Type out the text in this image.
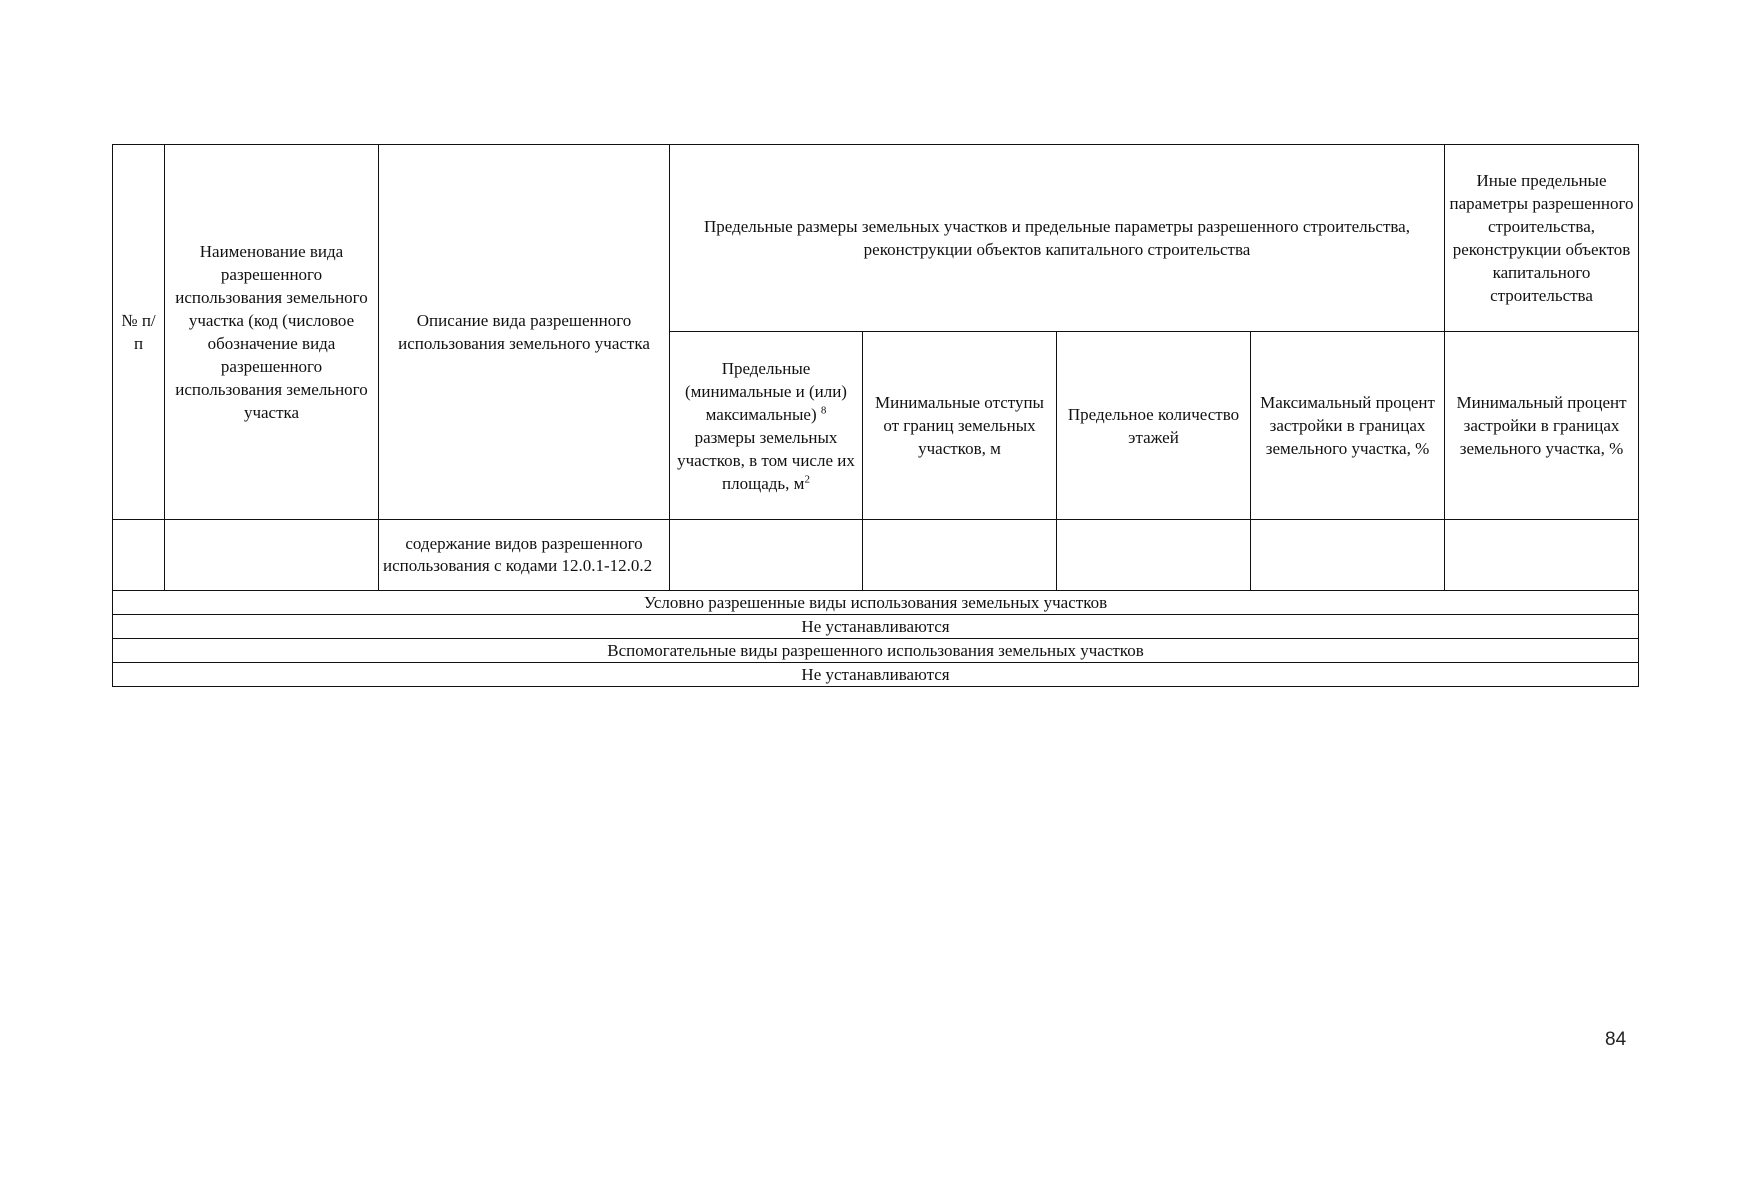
№ п/п	Наименование вида разрешенного использования земельного участка (код (числовое обозначение вида разрешенного использования земельного участка	Описание вида разрешенного использования земельного участка	Предельные размеры земельных участков и предельные параметры разрешенного строительства, реконструкции объектов капитального строительства				Иные предельные параметры разрешенного строительства, реконструкции объектов капитального строительства
			Предельные (минимальные и (или) максимальные) $^8$ размеры земельных участков, в том числе их площадь, $м^2$	Минимальные отступы от границ земельных участков, м	Предельное количество этажей	Максимальный процент застройки в границах земельного участка, %	Минимальный процент застройки в границах земельного участка, %
		содержание видов разрешенного использования с кодами 12.0.1-12.0.2					
Условно разрешенные виды использования земельных участков							
Не устанавливаются							
Вспомогательные виды разрешенного использования земельных участков							
Не устанавливаются							
84
